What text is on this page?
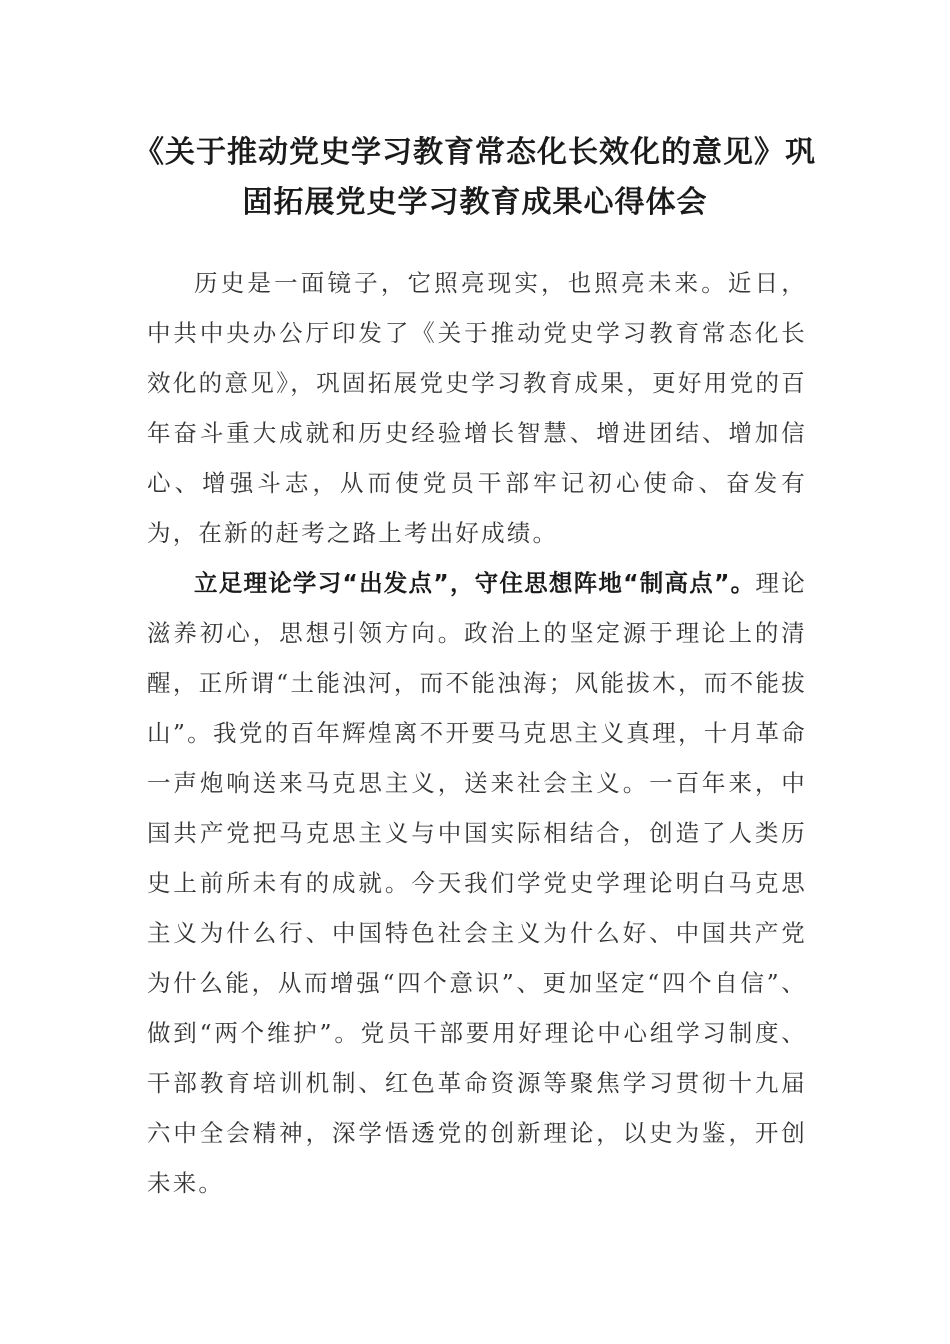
《关于推动党史学习教育常态化长效化的意见》巩固拓展党史学习教育成果心得体会

历史是一面镜子，它照亮现实，也照亮未来。近日，中共中央办公厅印发了《关于推动党史学习教育常态化长效化的意见》，巩固拓展党史学习教育成果，更好用党的百年奋斗重大成就和历史经验增长智慧、增进团结、增加信心、增强斗志，从而使党员干部牢记初心使命、奋发有为，在新的赶考之路上考出好成绩。

立足理论学习“出发点”，守住思想阵地“制高点”。理论滋养初心，思想引领方向。政治上的坚定源于理论上的清醒，正所谓“土能浊河，而不能浊海；风能拔木，而不能拔山”。我党的百年辉煌离不开要马克思主义真理，十月革命一声炮响送来马克思主义，送来社会主义。一百年来，中国共产党把马克思主义与中国实际相结合，创造了人类历史上前所未有的成就。今天我们学党史学理论明白马克思主义为什么行、中国特色社会主义为什么好、中国共产党为什么能，从而增强“四个意识”、更加坚定“四个自信”、做到“两个维护”。党员干部要用好理论中心组学习制度、干部教育培训机制、红色革命资源等聚焦学习贯彻十九届六中全会精神，深学悟透党的创新理论，以史为鉴，开创未来。
